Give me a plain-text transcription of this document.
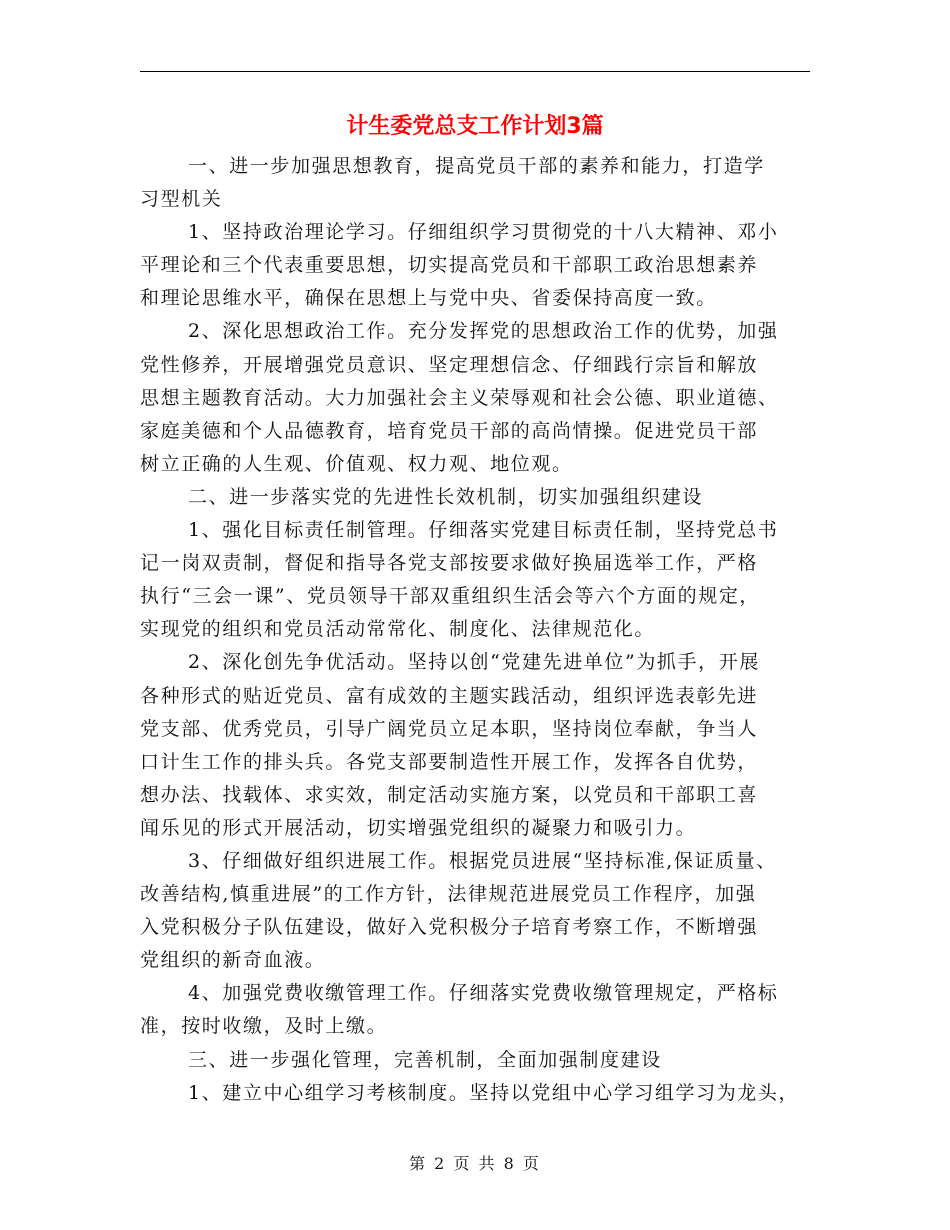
计生委党总支工作计划3篇
一、进一步加强思想教育，提高党员干部的素养和能力，打造学
习型机关
1、坚持政治理论学习。仔细组织学习贯彻党的十八大精神、邓小
平理论和三个代表重要思想，切实提高党员和干部职工政治思想素养
和理论思维水平，确保在思想上与党中央、省委保持高度一致。
2、深化思想政治工作。充分发挥党的思想政治工作的优势，加强
党性修养，开展增强党员意识、坚定理想信念、仔细践行宗旨和解放
思想主题教育活动。大力加强社会主义荣辱观和社会公德、职业道德、
家庭美德和个人品德教育，培育党员干部的高尚情操。促进党员干部
树立正确的人生观、价值观、权力观、地位观。
二、进一步落实党的先进性长效机制，切实加强组织建设
1、强化目标责任制管理。仔细落实党建目标责任制，坚持党总书
记一岗双责制，督促和指导各党支部按要求做好换届选举工作，严格
执行“三会一课”、党员领导干部双重组织生活会等六个方面的规定，
实现党的组织和党员活动常常化、制度化、法律规范化。
2、深化创先争优活动。坚持以创“党建先进单位”为抓手，开展
各种形式的贴近党员、富有成效的主题实践活动，组织评选表彰先进
党支部、优秀党员，引导广阔党员立足本职，坚持岗位奉献，争当人
口计生工作的排头兵。各党支部要制造性开展工作，发挥各自优势，
想办法、找载体、求实效，制定活动实施方案，以党员和干部职工喜
闻乐见的形式开展活动，切实增强党组织的凝聚力和吸引力。
3、仔细做好组织进展工作。根据党员进展“坚持标准,保证质量、
改善结构,慎重进展”的工作方针，法律规范进展党员工作程序，加强
入党积极分子队伍建设，做好入党积极分子培育考察工作，不断增强
党组织的新奇血液。
4、加强党费收缴管理工作。仔细落实党费收缴管理规定，严格标
准，按时收缴，及时上缴。
三、进一步强化管理，完善机制，全面加强制度建设
1、建立中心组学习考核制度。坚持以党组中心学习组学习为龙头，
第 2 页 共 8 页
